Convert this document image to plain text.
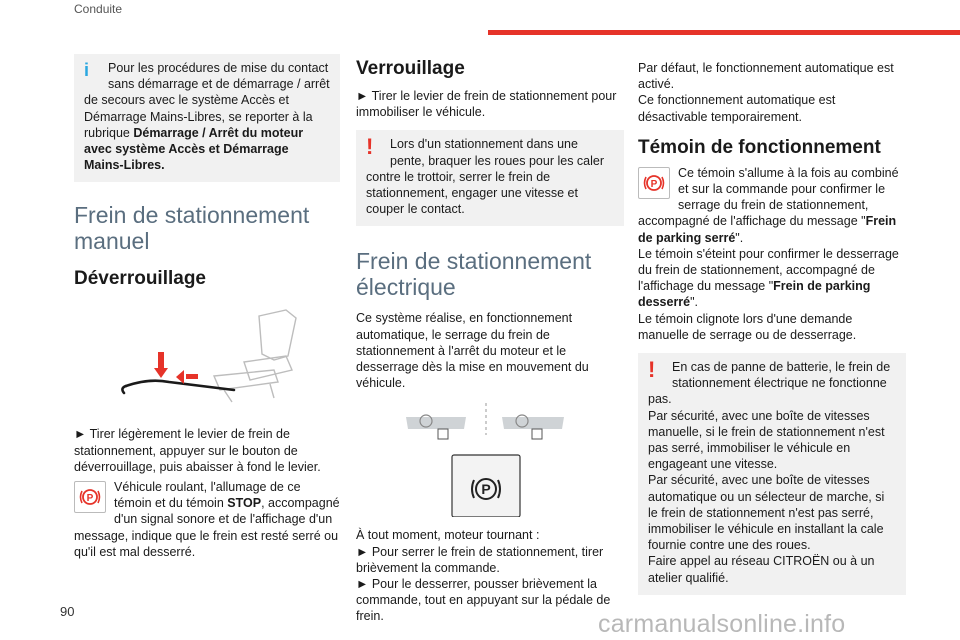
Conduite
i	Pour les procédures de mise du contact sans démarrage et de démarrage / arrêt de secours avec le système Accès et Démarrage Mains-Libres, se reporter à la rubrique Démarrage / Arrêt du moteur avec système Accès et Démarrage Mains-Libres.

Frein de stationnement manuel
Déverrouillage

► Tirer légèrement le levier de frein de stationnement, appuyer sur le bouton de déverrouillage, puis abaisser à fond le levier.

P

Véhicule roulant, l'allumage de ce témoin et du témoin STOP, accompagné d'un signal sonore et de l'affichage d'un message, indique que le frein est resté serré ou qu'il est mal desserré.

Verrouillage

► Tirer le levier de frein de stationnement pour immobiliser le véhicule.

!	Lors d'un stationnement dans une pente, braquer les roues pour les caler contre le trottoir, serrer le frein de stationnement, engager une vitesse et couper le contact.

Frein de stationnement électrique

Ce système réalise, en fonctionnement automatique, le serrage du frein de stationnement à l'arrêt du moteur et le desserrage dès la mise en mouvement du véhicule.

P

À tout moment, moteur tournant :

► Pour serrer le frein de stationnement, tirer brièvement la commande.

► Pour le desserrer, pousser brièvement la commande, tout en appuyant sur la pédale de frein.

Par défaut, le fonctionnement automatique est activé.

Ce fonctionnement automatique est désactivable temporairement.

Témoin de fonctionnement
P

Ce témoin s'allume à la fois au combiné et sur la commande pour confirmer le serrage du frein de stationnement, accompagné de l'affichage du message "Frein de parking serré".

Le témoin s'éteint pour confirmer le desserrage du frein de stationnement, accompagné de l'affichage du message "Frein de parking desserré".

Le témoin clignote lors d'une demande manuelle de serrage ou de desserrage.

!	En cas de panne de batterie, le frein de stationnement électrique ne fonctionne pas.

Par sécurité, avec une boîte de vitesses manuelle, si le frein de stationnement n'est pas serré, immobiliser le véhicule en engageant une vitesse.

Par sécurité, avec une boîte de vitesses automatique ou un sélecteur de marche, si le frein de stationnement n'est pas serré, immobiliser le véhicule en installant la cale fournie contre une des roues.

Faire appel au réseau CITROËN ou à un atelier qualifié.

90	carmanualsonline.info
